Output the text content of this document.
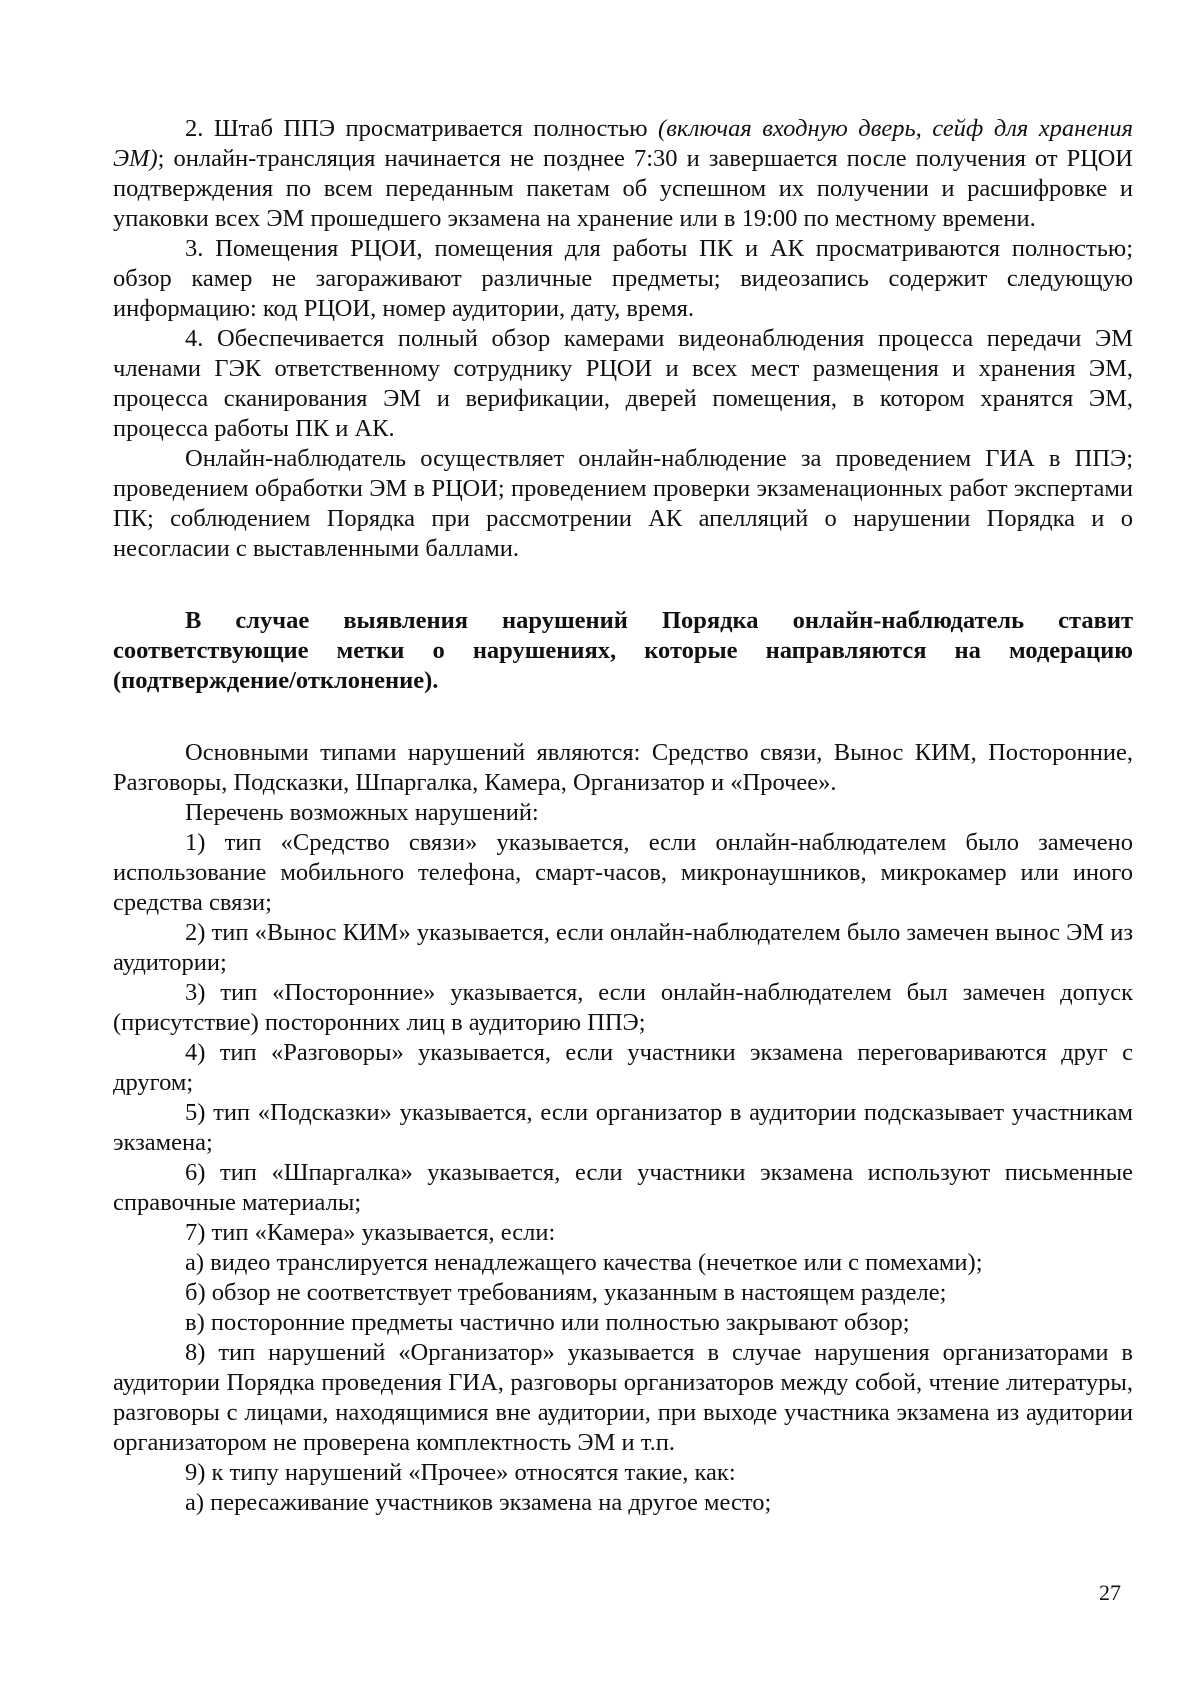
2. Штаб ППЭ просматривается полностью (включая входную дверь, сейф для хранения ЭМ); онлайн-трансляция начинается не позднее 7:30 и завершается после получения от РЦОИ подтверждения по всем переданным пакетам об успешном их получении и расшифровке и упаковки всех ЭМ прошедшего экзамена на хранение или в 19:00 по местному времени.

3. Помещения РЦОИ, помещения для работы ПК и АК просматриваются полностью; обзор камер не загораживают различные предметы; видеозапись содержит следующую информацию: код РЦОИ, номер аудитории, дату, время.

4. Обеспечивается полный обзор камерами видеонаблюдения процесса передачи ЭМ членами ГЭК ответственному сотруднику РЦОИ и всех мест размещения и хранения ЭМ, процесса сканирования ЭМ и верификации, дверей помещения, в котором хранятся ЭМ, процесса работы ПК и АК.

Онлайн-наблюдатель осуществляет онлайн-наблюдение за проведением ГИА в ППЭ; проведением обработки ЭМ в РЦОИ; проведением проверки экзаменационных работ экспертами ПК; соблюдением Порядка при рассмотрении АК апелляций о нарушении Порядка и о несогласии с выставленными баллами.

В случае выявления нарушений Порядка онлайн-наблюдатель ставит соответствующие метки о нарушениях, которые направляются на модерацию (подтверждение/отклонение).

Основными типами нарушений являются: Средство связи, Вынос КИМ, Посторонние, Разговоры, Подсказки, Шпаргалка, Камера, Организатор и «Прочее».

Перечень возможных нарушений:

1) тип «Средство связи» указывается, если онлайн-наблюдателем было замечено использование мобильного телефона, смарт-часов, микронаушников, микрокамер или иного средства связи;

2) тип «Вынос КИМ» указывается, если онлайн-наблюдателем было замечен вынос ЭМ из аудитории;

3) тип «Посторонние» указывается, если онлайн-наблюдателем был замечен допуск (присутствие) посторонних лиц в аудиторию ППЭ;

4) тип «Разговоры» указывается, если участники экзамена переговариваются друг с другом;

5) тип «Подсказки» указывается, если организатор в аудитории подсказывает участникам экзамена;

6) тип «Шпаргалка» указывается, если участники экзамена используют письменные справочные материалы;

7) тип «Камера» указывается, если:

а) видео транслируется ненадлежащего качества (нечеткое или с помехами);

б) обзор не соответствует требованиям, указанным в настоящем разделе;

в) посторонние предметы частично или полностью закрывают обзор;

8) тип нарушений «Организатор» указывается в случае нарушения организаторами в аудитории Порядка проведения ГИА, разговоры организаторов между собой, чтение литературы, разговоры с лицами, находящимися вне аудитории, при выходе участника экзамена из аудитории организатором не проверена комплектность ЭМ и т.п.

9) к типу нарушений «Прочее» относятся такие, как:

а) пересаживание участников экзамена на другое место;

27
